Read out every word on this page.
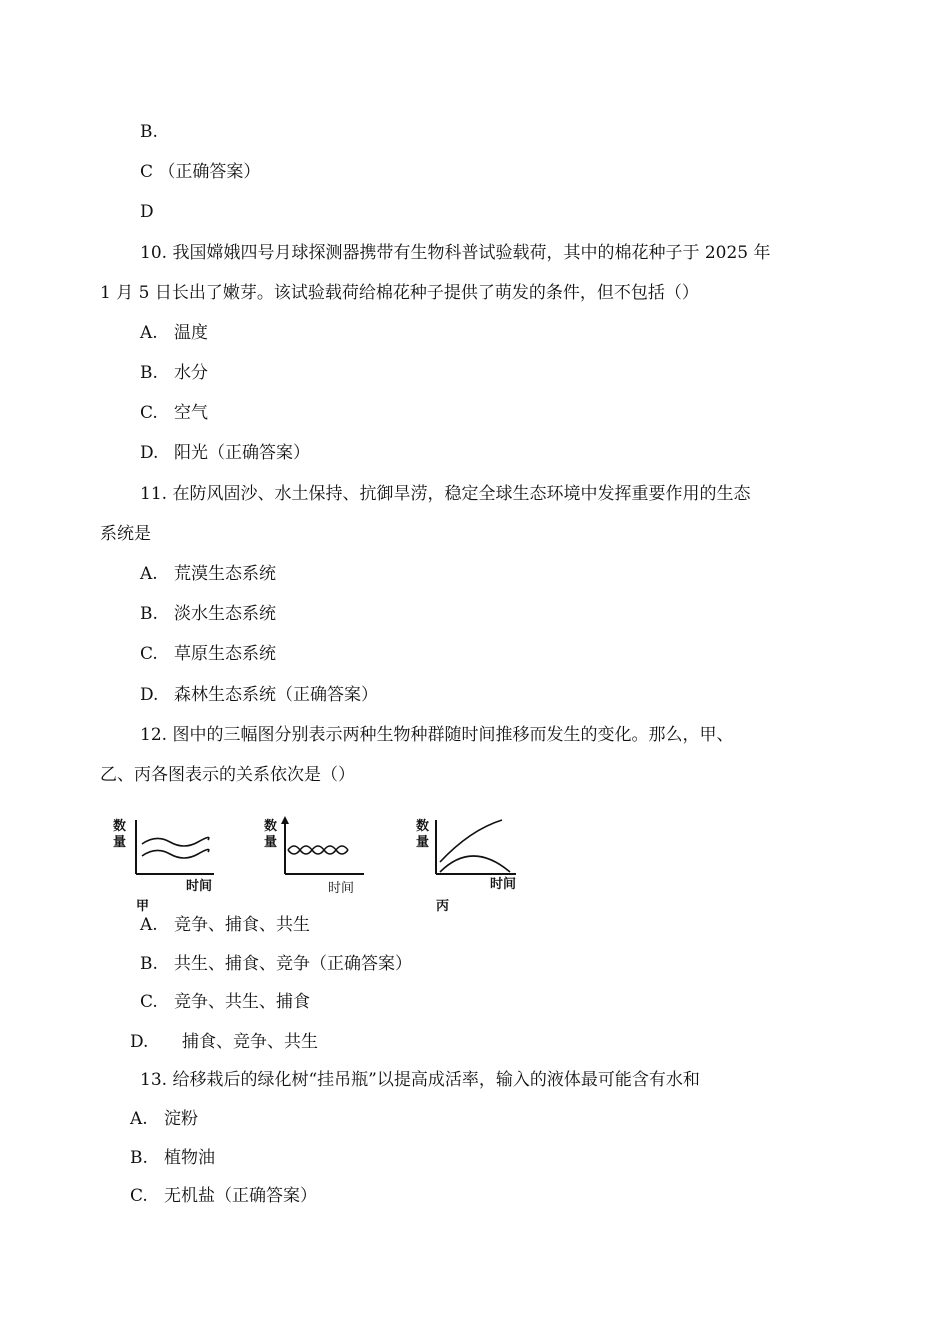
B.
C （正确答案）
D
10. 我国嫦娥四号月球探测器携带有生物科普试验载荷，其中的棉花种子于 2025 年
1 月 5 日长出了嫩芽。该试验载荷给棉花种子提供了萌发的条件，但不包括（）
A. 温度
B. 水分
C. 空气
D. 阳光（正确答案）
11. 在防风固沙、水土保持、抗御旱涝，稳定全球生态环境中发挥重要作用的生态
系统是
A. 荒漠生态系统
B. 淡水生态系统
C. 草原生态系统
D. 森林生态系统（正确答案）
12. 图中的三幅图分别表示两种生物种群随时间推移而发生的变化。那么，甲、
乙、丙各图表示的关系依次是（）
数
量
时间
甲
数
量
时间
数
量
时间
丙
A. 竞争、捕食、共生
B. 共生、捕食、竞争（正确答案）
C. 竞争、共生、捕食
D. 捕食、竞争、共生
13. 给移栽后的绿化树“挂吊瓶”以提高成活率，输入的液体最可能含有水和
A. 淀粉
B. 植物油
C. 无机盐（正确答案）
